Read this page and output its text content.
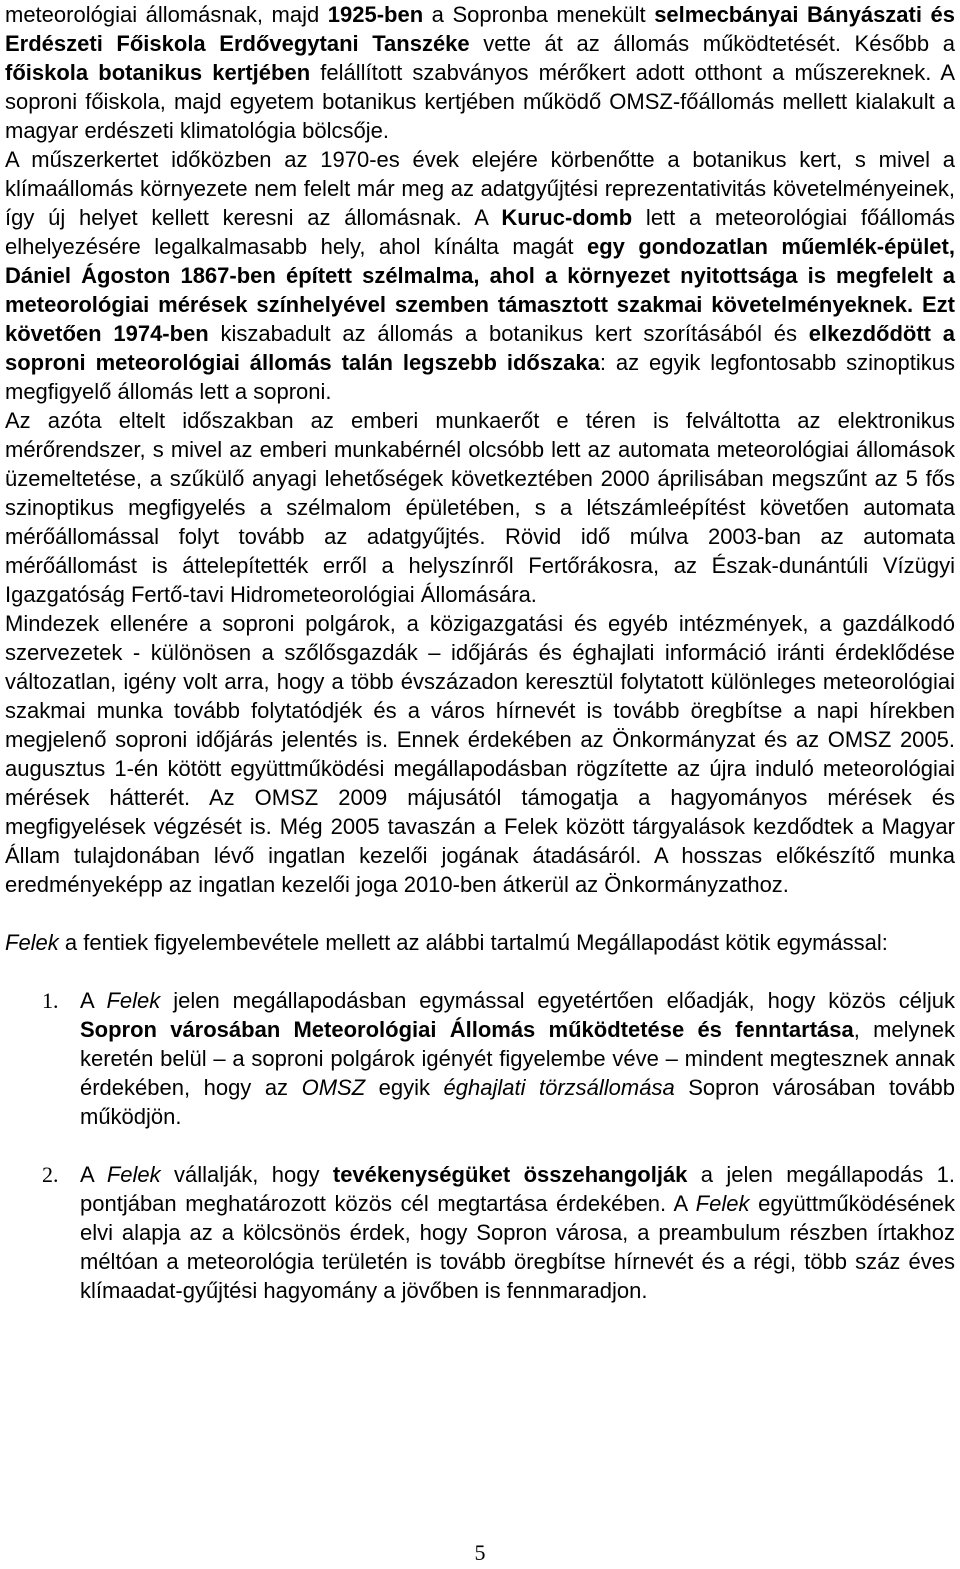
meteorológiai állomásnak, majd 1925-ben a Sopronba menekült selmecbányai Bányászati és Erdészeti Főiskola Erdővegytani Tanszéke vette át az állomás működtetését. Később a főiskola botanikus kertjében felállított szabványos mérőkert adott otthont a műszereknek. A soproni főiskola, majd egyetem botanikus kertjében működő OMSZ-főállomás mellett kialakult a magyar erdészeti klimatológia bölcsője.

A műszerkertet időközben az 1970-es évek elejére körbenőtte a botanikus kert, s mivel a klímaállomás környezete nem felelt már meg az adatgyűjtési reprezentativitás követelményeinek, így új helyet kellett keresni az állomásnak. A Kuruc-domb lett a meteorológiai főállomás elhelyezésére legalkalmasabb hely, ahol kínálta magát egy gondozatlan műemlék-épület, Dániel Ágoston 1867-ben épített szélmalma, ahol a környezet nyitottsága is megfelelt a meteorológiai mérések színhelyével szemben támasztott szakmai követelményeknek. Ezt követően 1974-ben kiszabadult az állomás a botanikus kert szorításából és elkezdődött a soproni meteorológiai állomás talán legszebb időszaka: az egyik legfontosabb szinoptikus megfigyelő állomás lett a soproni.

Az azóta eltelt időszakban az emberi munkaerőt e téren is felváltotta az elektronikus mérőrendszer, s mivel az emberi munkabérnél olcsóbb lett az automata meteorológiai állomások üzemeltetése, a szűkülő anyagi lehetőségek következtében 2000 áprilisában megszűnt az 5 fős szinoptikus megfigyelés a szélmalom épületében, s a létszámleépítést követően automata mérőállomással folyt tovább az adatgyűjtés. Rövid idő múlva 2003-ban az automata mérőállomást is áttelepítették erről a helyszínről Fertőrákosra, az Észak-dunántúli Vízügyi Igazgatóság Fertő-tavi Hidrometeorológiai Állomására.

Mindezek ellenére a soproni polgárok, a közigazgatási és egyéb intézmények, a gazdálkodó szervezetek - különösen a szőlősgazdák – időjárás és éghajlati információ iránti érdeklődése változatlan, igény volt arra, hogy a több évszázadon keresztül folytatott különleges meteorológiai szakmai munka tovább folytatódjék és a város hírnevét is tovább öregbítse a napi hírekben megjelenő soproni időjárás jelentés is. Ennek érdekében az Önkormányzat és az OMSZ 2005. augusztus 1-én kötött együttműködési megállapodásban rögzítette az újra induló meteorológiai mérések hátterét. Az OMSZ 2009 májusától támogatja a hagyományos mérések és megfigyelések végzését is. Még 2005 tavaszán a Felek között tárgyalások kezdődtek a Magyar Állam tulajdonában lévő ingatlan kezelői jogának átadásáról. A hosszas előkészítő munka eredményeképp az ingatlan kezelői joga 2010-ben átkerül az Önkormányzathoz.

Felek a fentiek figyelembevétele mellett az alábbi tartalmú Megállapodást kötik egymással:

1. A Felek jelen megállapodásban egymással egyetértően előadják, hogy közös céljuk Sopron városában Meteorológiai Állomás működtetése és fenntartása, melynek keretén belül – a soproni polgárok igényét figyelembe véve – mindent megtesznek annak érdekében, hogy az OMSZ egyik éghajlati törzsállomása Sopron városában tovább működjön.
2. A Felek vállalják, hogy tevékenységüket összehangolják a jelen megállapodás 1. pontjában meghatározott közös cél megtartása érdekében. A Felek együttműködésének elvi alapja az a kölcsönös érdek, hogy Sopron városa, a preambulum részben írtakhoz méltóan a meteorológia területén is tovább öregbítse hírnevét és a régi, több száz éves klímaadat-gyűjtési hagyomány a jövőben is fennmaradjon.
5
